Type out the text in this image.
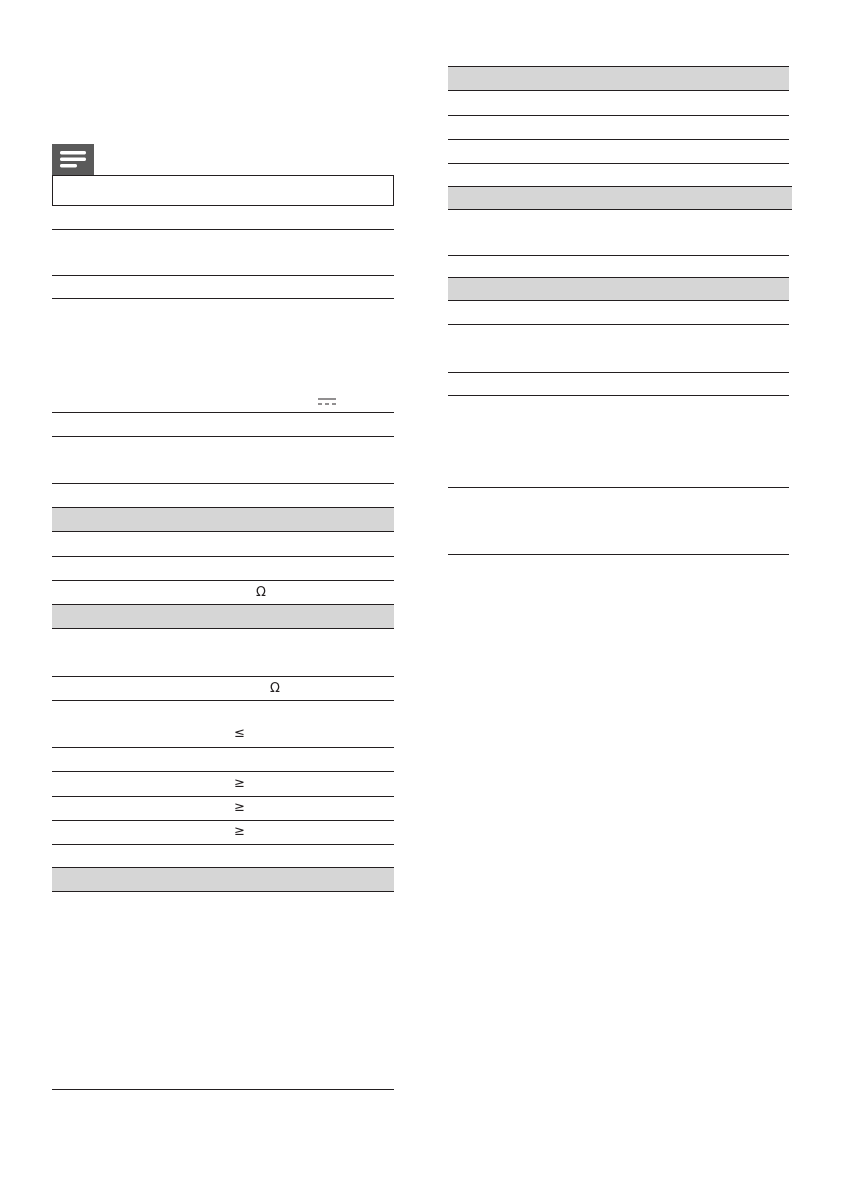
Ω
Ω
≤
≥
≥
≥
